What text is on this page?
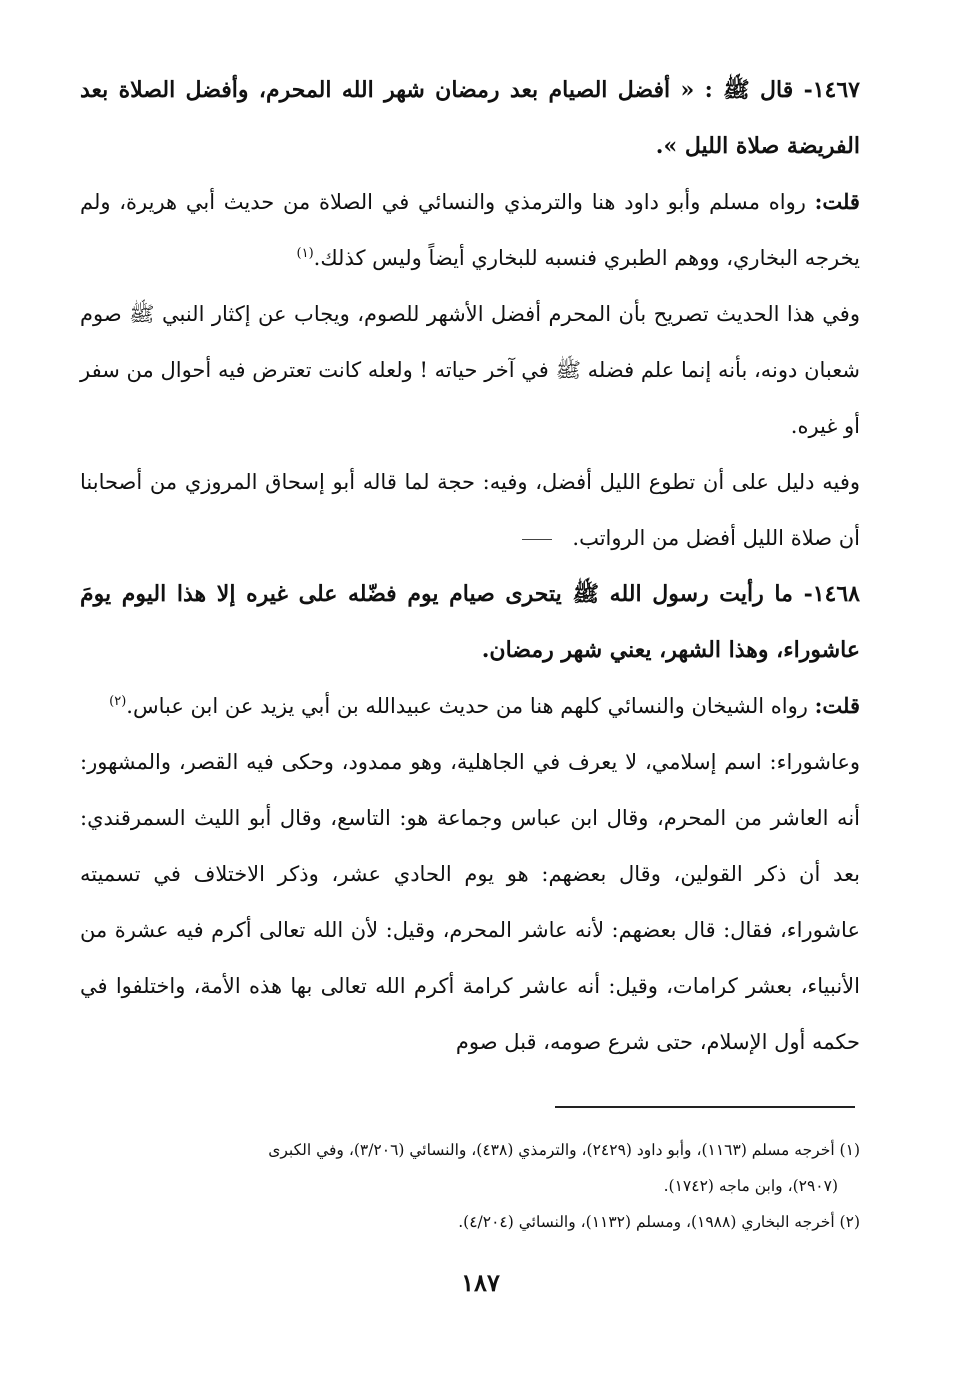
١٤٦٧- قال ﷺ : « أفضل الصيام بعد رمضان شهر الله المحرم، وأفضل الصلاة بعد الفريضة صلاة الليل ».

قلت: رواه مسلم وأبو داود هنا والترمذي والنسائي في الصلاة من حديث أبي هريرة، ولم يخرجه البخاري، ووهم الطبري فنسبه للبخاري أيضاً وليس كذلك.$^{(١)}$

وفي هذا الحديث تصريح بأن المحرم أفضل الأشهر للصوم، ويجاب عن إكثار النبي ﷺ صوم شعبان دونه، بأنه إنما علم فضله ﷺ في آخر حياته ! ولعله كانت تعترض فيه أحوال من سفر أو غيره.

وفيه دليل على أن تطوع الليل أفضل، وفيه: حجة لما قاله أبو إسحاق المروزي من أصحابنا أن صلاة الليل أفضل من الرواتب.

١٤٦٨- ما رأيت رسول الله ﷺ يتحرى صيام يوم فضّله على غيره إلا هذا اليوم يومَ عاشوراء، وهذا الشهر، يعني شهر رمضان.

قلت: رواه الشيخان والنسائي كلهم هنا من حديث عبيدالله بن أبي يزيد عن ابن عباس.$^{(٢)}$

وعاشوراء: اسم إسلامي، لا يعرف في الجاهلية، وهو ممدود، وحكى فيه القصر، والمشهور: أنه العاشر من المحرم، وقال ابن عباس وجماعة هو: التاسع، وقال أبو الليث السمرقندي: بعد أن ذكر القولين، وقال بعضهم: هو يوم الحادي عشر، وذكر الاختلاف في تسميته عاشوراء، فقال: قال بعضهم: لأنه عاشر المحرم، وقيل: لأن الله تعالى أكرم فيه عشرة من الأنبياء، بعشر كرامات، وقيل: أنه عاشر كرامة أكرم الله تعالى بها هذه الأمة، واختلفوا في حكمه أول الإسلام، حتى شرع صومه، قبل صوم

(١) أخرجه مسلم (١١٦٣)، وأبو داود (٢٤٢٩)، والترمذي (٤٣٨)، والنسائي (٣/٢٠٦)، وفي الكبرى

(٢٩٠٧)، وابن ماجه (١٧٤٢).

(٢) أخرجه البخاري (١٩٨٨)، ومسلم (١١٣٢)، والنسائي (٤/٢٠٤).

١٨٧
